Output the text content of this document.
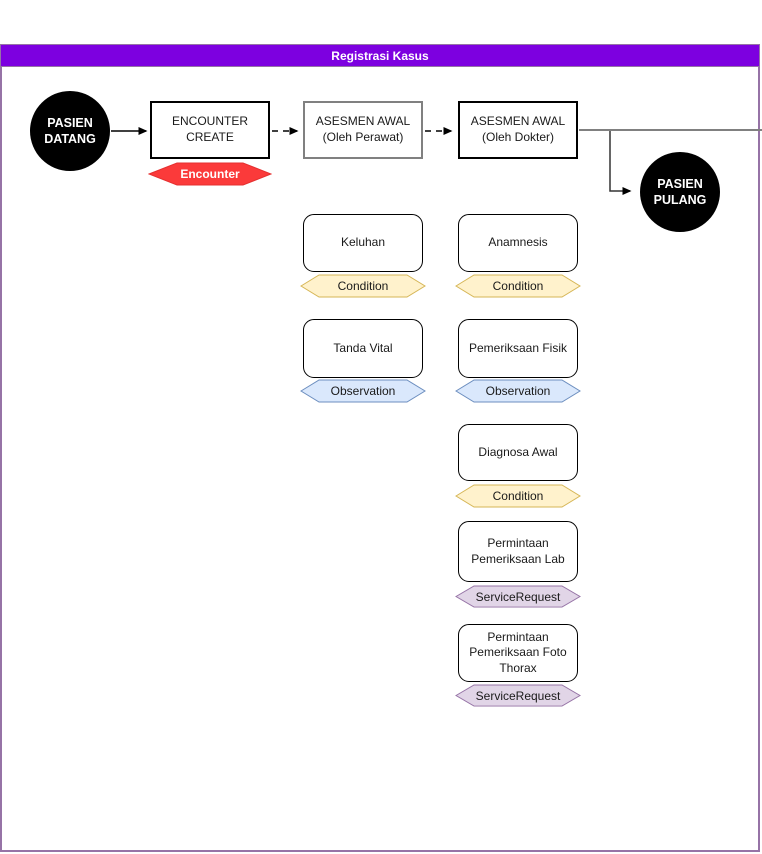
Registrasi Kasus
PASIEN DATANG
ENCOUNTER CREATE
Encounter
ASESMEN AWAL (Oleh Perawat)
ASESMEN AWAL (Oleh Dokter)
PASIEN PULANG
Keluhan
Condition
Tanda Vital
Observation
Anamnesis
Condition
Pemeriksaan Fisik
Observation
Diagnosa Awal
Condition
Permintaan Pemeriksaan Lab
ServiceRequest
Permintaan Pemeriksaan Foto Thorax
ServiceRequest
